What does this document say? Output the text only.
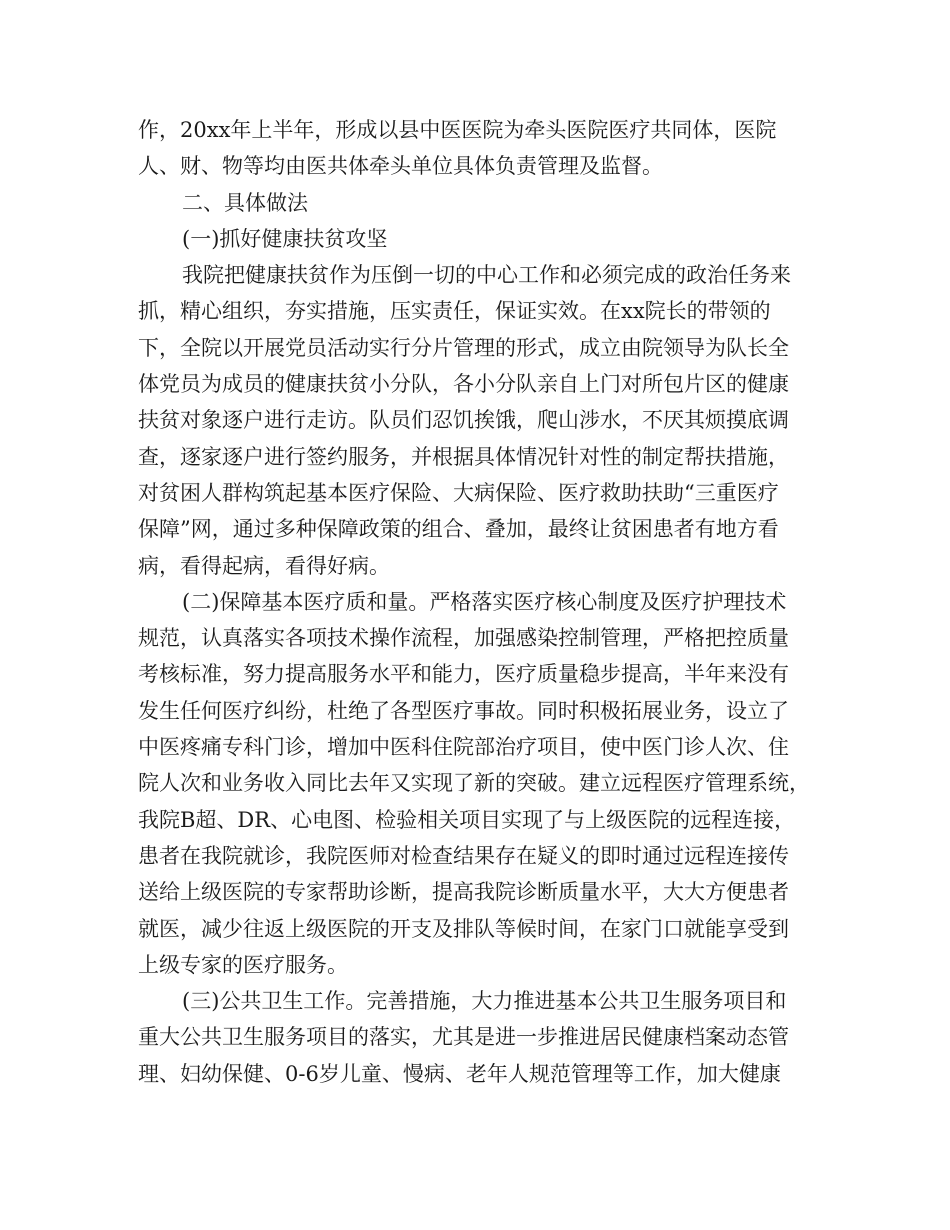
作，20xx年上半年，形成以县中医医院为牵头医院医疗共同体，医院
人、财、物等均由医共体牵头单位具体负责管理及监督。
二、具体做法
(一)抓好健康扶贫攻坚
我院把健康扶贫作为压倒一切的中心工作和必须完成的政治任务来
抓，精心组织，夯实措施，压实责任，保证实效。在xx院长的带领的
下，全院以开展党员活动实行分片管理的形式，成立由院领导为队长全
体党员为成员的健康扶贫小分队，各小分队亲自上门对所包片区的健康
扶贫对象逐户进行走访。队员们忍饥挨饿，爬山涉水，不厌其烦摸底调
查，逐家逐户进行签约服务，并根据具体情况针对性的制定帮扶措施，
对贫困人群构筑起基本医疗保险、大病保险、医疗救助扶助“三重医疗
保障”网，通过多种保障政策的组合、叠加，最终让贫困患者有地方看
病，看得起病，看得好病。
(二)保障基本医疗质和量。严格落实医疗核心制度及医疗护理技术
规范，认真落实各项技术操作流程，加强感染控制管理，严格把控质量
考核标准，努力提高服务水平和能力，医疗质量稳步提高，半年来没有
发生任何医疗纠纷，杜绝了各型医疗事故。同时积极拓展业务，设立了
中医疼痛专科门诊，增加中医科住院部治疗项目，使中医门诊人次、住
院人次和业务收入同比去年又实现了新的突破。建立远程医疗管理系统，
我院B超、DR、心电图、检验相关项目实现了与上级医院的远程连接，
患者在我院就诊，我院医师对检查结果存在疑义的即时通过远程连接传
送给上级医院的专家帮助诊断，提高我院诊断质量水平，大大方便患者
就医，减少往返上级医院的开支及排队等候时间，在家门口就能享受到
上级专家的医疗服务。
(三)公共卫生工作。完善措施，大力推进基本公共卫生服务项目和
重大公共卫生服务项目的落实，尤其是进一步推进居民健康档案动态管
理、妇幼保健、0-6岁儿童、慢病、老年人规范管理等工作，加大健康
